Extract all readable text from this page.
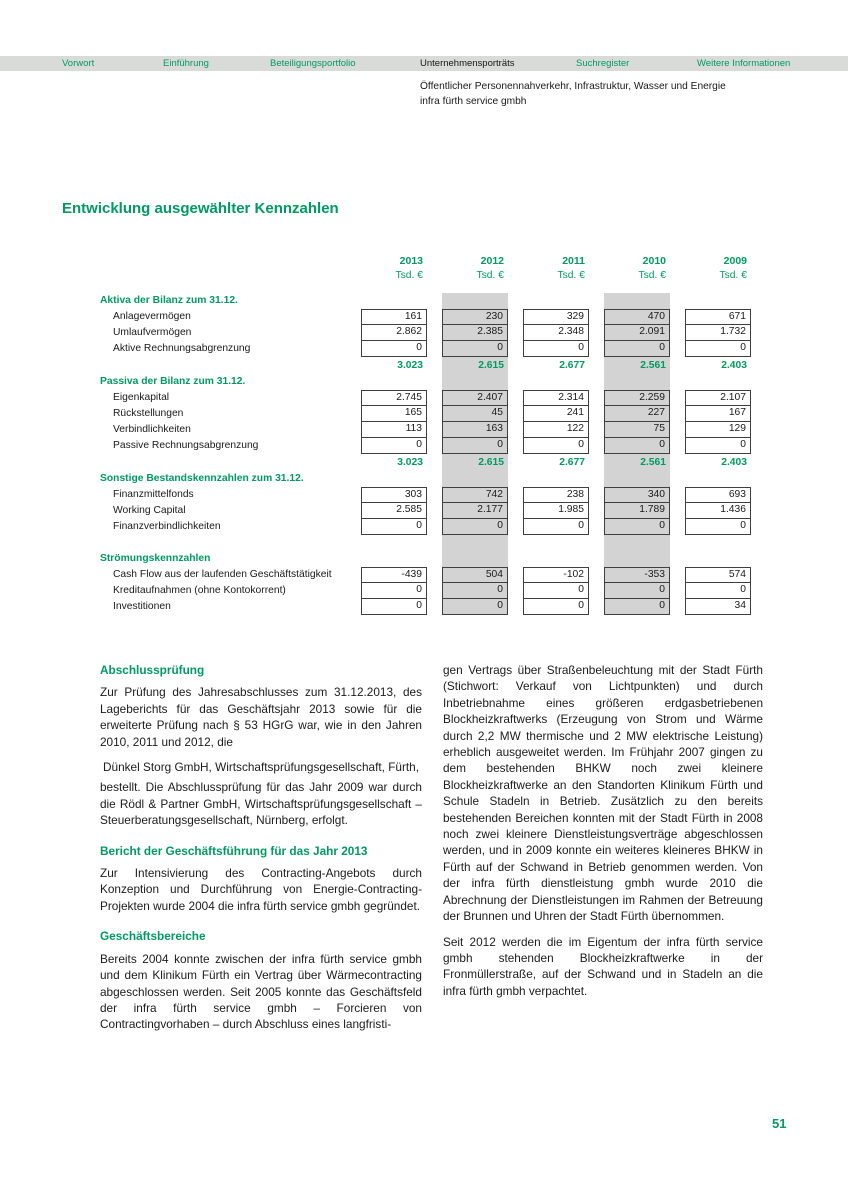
Vorwort	Einführung	Beteiligungsportfolio	Unternehmensporträts	Suchregister	Weitere Informationen
Öffentlicher Personennahverkehr, Infrastruktur, Wasser und Energie
infra fürth service gmbh
Entwicklung ausgewählter Kennzahlen
2013	2012	2011	2010	2009
Tsd. €	Tsd. €	Tsd. €	Tsd. €	Tsd. €
Aktiva der Bilanz zum 31.12.
Anlagevermögen	161	230	329	470	671
Umlaufvermögen	2.862	2.385	2.348	2.091	1.732
Aktive Rechnungsabgrenzung	0	0	0	0	0
3.023	2.615	2.677	2.561	2.403
Passiva der Bilanz zum 31.12.
Eigenkapital	2.745	2.407	2.314	2.259	2.107
Rückstellungen	165	45	241	227	167
Verbindlichkeiten	113	163	122	75	129
Passive Rechnungsabgrenzung	0	0	0	0	0
3.023	2.615	2.677	2.561	2.403
Sonstige Bestandskennzahlen zum 31.12.
Finanzmittelfonds	303	742	238	340	693
Working Capital	2.585	2.177	1.985	1.789	1.436
Finanzverbindlichkeiten	0	0	0	0	0
Strömungskennzahlen
Cash Flow aus der laufenden Geschäftstätigkeit	-439	504	-102	-353	574
Kreditaufnahmen (ohne Kontokorrent)	0	0	0	0	0
Investitionen	0	0	0	0	34
Abschlussprüfung
Zur Prüfung des Jahresabschlusses zum 31.12.2013, des Lageberichts für das Geschäftsjahr 2013 sowie für die erweiterte Prüfung nach § 53 HGrG war, wie in den Jahren 2010, 2011 und 2012, die
Dünkel Storg GmbH, Wirtschaftsprüfungsgesellschaft, Fürth,
bestellt. Die Abschlussprüfung für das Jahr 2009 war durch die Rödl & Partner GmbH, Wirtschaftsprüfungsgesellschaft – Steuerberatungsgesellschaft, Nürnberg, erfolgt.
Bericht der Geschäftsführung für das Jahr 2013
Zur Intensivierung des Contracting-Angebots durch Konzeption und Durchführung von Energie-Contracting-Projekten wurde 2004 die infra fürth service gmbh gegründet.
Geschäftsbereiche
Bereits 2004 konnte zwischen der infra fürth service gmbh und dem Klinikum Fürth ein Vertrag über Wärmecontracting abgeschlossen werden. Seit 2005 konnte das Geschäftsfeld der infra fürth service gmbh – Forcieren von Contractingvorhaben – durch Abschluss eines langfristi-
gen Vertrags über Straßenbeleuchtung mit der Stadt Fürth (Stichwort: Verkauf von Lichtpunkten) und durch Inbetriebnahme eines größeren erdgasbetriebenen Blockheizkraftwerks (Erzeugung von Strom und Wärme durch 2,2 MW thermische und 2 MW elektrische Leistung) erheblich ausgeweitet werden. Im Frühjahr 2007 gingen zu dem bestehenden BHKW noch zwei kleinere Blockheizkraftwerke an den Standorten Klinikum Fürth und Schule Stadeln in Betrieb. Zusätzlich zu den bereits bestehenden Bereichen konnten mit der Stadt Fürth in 2008 noch zwei kleinere Dienstleistungsverträge abgeschlossen werden, und in 2009 konnte ein weiteres kleineres BHKW in Fürth auf der Schwand in Betrieb genommen werden. Von der infra fürth dienstleistung gmbh wurde 2010 die Abrechnung der Dienstleistungen im Rahmen der Betreuung der Brunnen und Uhren der Stadt Fürth übernommen.
Seit 2012 werden die im Eigentum der infra fürth service gmbh stehenden Blockheizkraftwerke in der Fronmüllerstraße, auf der Schwand und in Stadeln an die infra fürth gmbh verpachtet.
51
